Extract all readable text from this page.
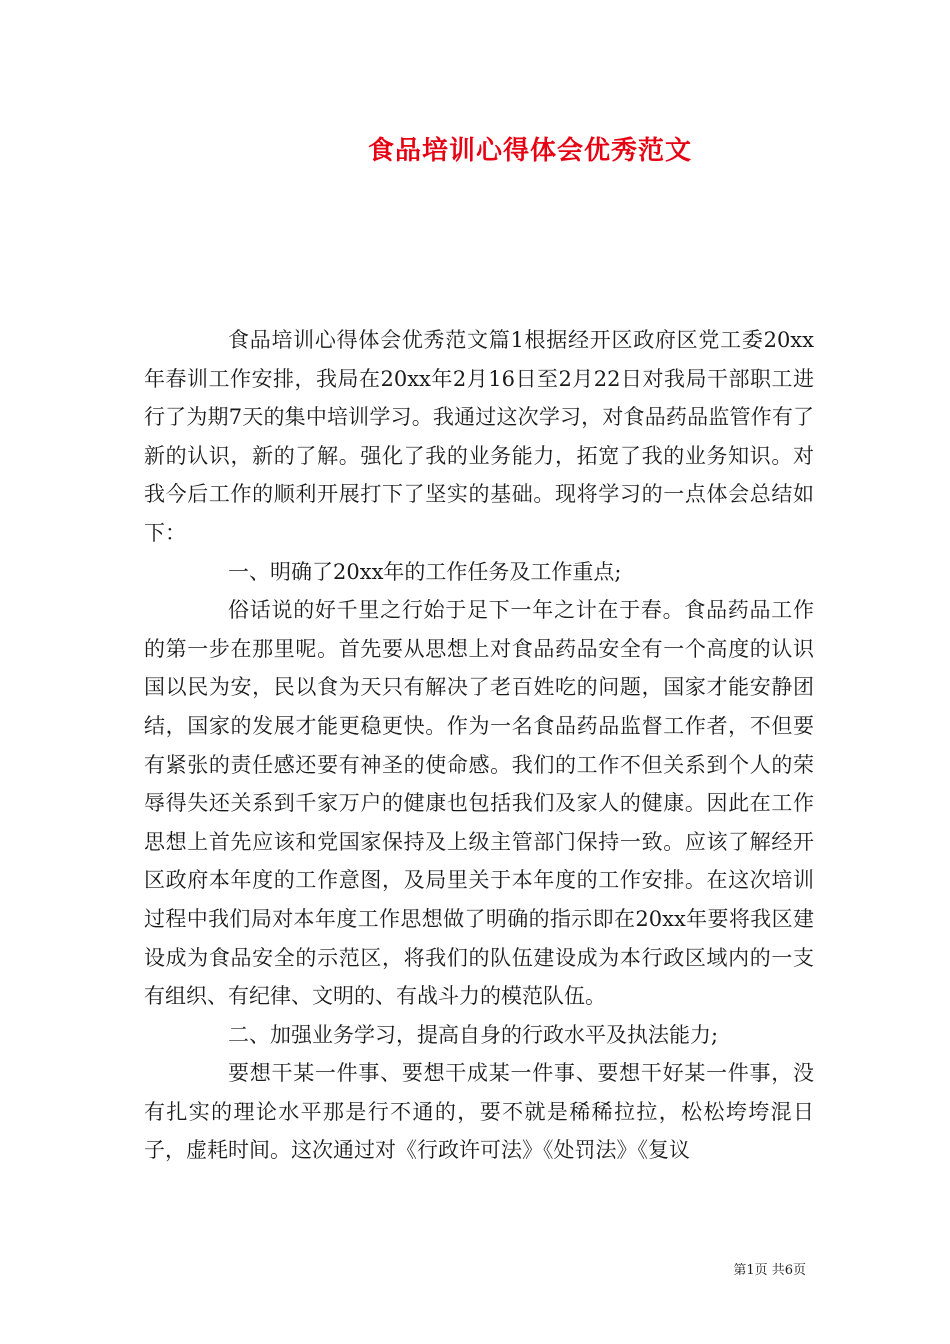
食品培训心得体会优秀范文

食品培训心得体会优秀范文篇1根据经开区政府区党工委20xx年春训工作安排，我局在20xx年2月16日至2月22日对我局干部职工进行了为期7天的集中培训学习。我通过这次学习，对食品药品监管作有了新的认识，新的了解。强化了我的业务能力，拓宽了我的业务知识。对我今后工作的顺利开展打下了坚实的基础。现将学习的一点体会总结如下：

一、明确了20xx年的工作任务及工作重点;

俗话说的好千里之行始于足下一年之计在于春。食品药品工作的第一步在那里呢。首先要从思想上对食品药品安全有一个高度的认识国以民为安，民以食为天只有解决了老百姓吃的问题，国家才能安静团结，国家的发展才能更稳更快。作为一名食品药品监督工作者，不但要有紧张的责任感还要有神圣的使命感。我们的工作不但关系到个人的荣辱得失还关系到千家万户的健康也包括我们及家人的健康。因此在工作思想上首先应该和党国家保持及上级主管部门保持一致。应该了解经开区政府本年度的工作意图，及局里关于本年度的工作安排。在这次培训过程中我们局对本年度工作思想做了明确的指示即在20xx年要将我区建设成为食品安全的示范区，将我们的队伍建设成为本行政区域内的一支有组织、有纪律、文明的、有战斗力的模范队伍。

二、加强业务学习，提高自身的行政水平及执法能力;

要想干某一件事、要想干成某一件事、要想干好某一件事，没有扎实的理论水平那是行不通的，要不就是稀稀拉拉，松松垮垮混日子，虚耗时间。这次通过对《行政许可法》《处罚法》《复议

第1页 共6页
